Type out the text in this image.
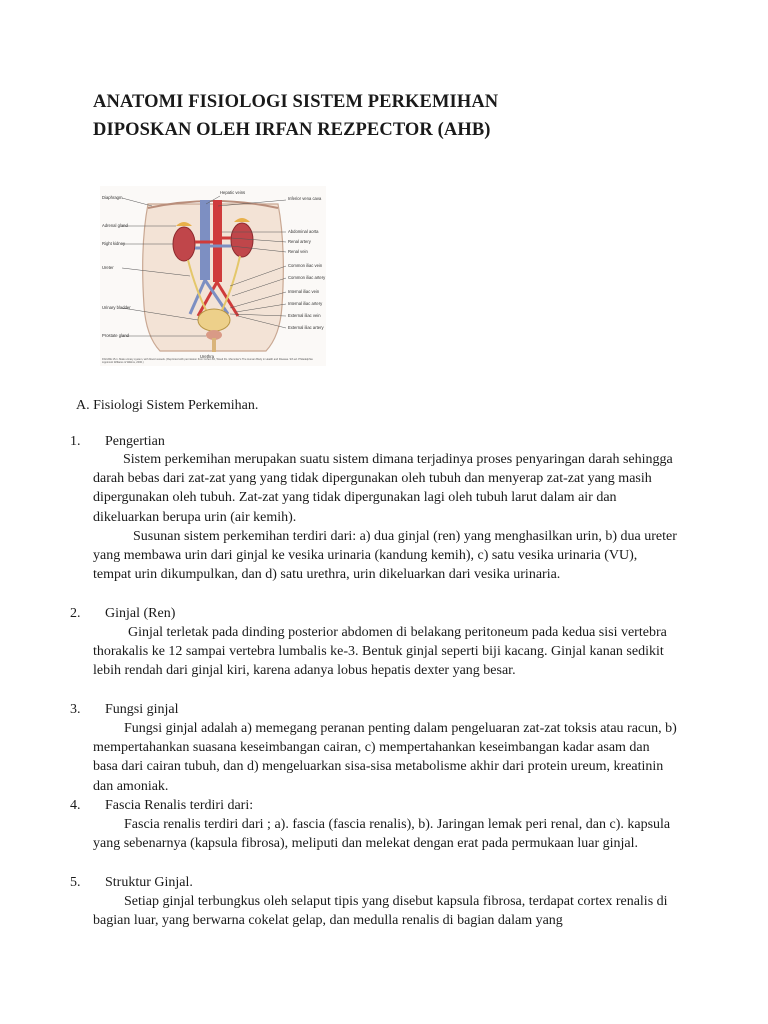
ANATOMI FISIOLOGI SISTEM PERKEMIHAN
DIPOSKAN OLEH IRFAN REZPECTOR (AHB)
Diaphragm
Adrenal gland
Right kidney
Ureter
Urinary bladder
Prostate gland
Hepatic veins
Inferior vena cava
Abdominal aorta
Renal artery
Renal vein
Common iliac vein
Common iliac artery
Internal iliac vein
Internal iliac artery
External iliac vein
External iliac artery
Urethra
FIGURE 15-1. Male urinary system, with blood vessels. (Reprinted with permission from Cohen BJ, Wood DL. Memmler's The Human Body in Health and Disease. 9th ed. Philadelphia: Lippincott Williams & Wilkins, 2000.)
A. Fisiologi Sistem Perkemihan.
1. Pengertian

Sistem perkemihan merupakan suatu sistem dimana terjadinya proses penyaringan darah sehingga darah bebas dari zat-zat yang yang tidak dipergunakan oleh tubuh dan menyerap zat-zat yang masih dipergunakan oleh tubuh. Zat-zat yang tidak dipergunakan lagi oleh tubuh larut dalam air dan dikeluarkan berupa urin (air kemih).

Susunan sistem perkemihan terdiri dari: a) dua ginjal (ren) yang menghasilkan urin, b) dua ureter yang membawa urin dari ginjal ke vesika urinaria (kandung kemih), c) satu vesika urinaria (VU), tempat urin dikumpulkan, dan d) satu urethra, urin dikeluarkan dari vesika urinaria.

2. Ginjal (Ren)

Ginjal terletak pada dinding posterior abdomen di belakang peritoneum pada kedua sisi vertebra thorakalis ke 12 sampai vertebra lumbalis ke-3. Bentuk ginjal seperti biji kacang. Ginjal kanan sedikit lebih rendah dari ginjal kiri, karena adanya lobus hepatis dexter yang besar.

3. Fungsi ginjal

Fungsi ginjal adalah a) memegang peranan penting dalam pengeluaran zat-zat toksis atau racun, b) mempertahankan suasana keseimbangan cairan, c) mempertahankan keseimbangan kadar asam dan basa dari cairan tubuh, dan d) mengeluarkan sisa-sisa metabolisme akhir dari protein ureum, kreatinin dan amoniak.

4. Fascia Renalis terdiri dari:

Fascia renalis terdiri dari ; a). fascia (fascia renalis), b). Jaringan lemak peri renal, dan c). kapsula yang sebenarnya (kapsula fibrosa), meliputi dan melekat dengan erat pada permukaan luar ginjal.

5. Struktur Ginjal.

Setiap ginjal terbungkus oleh selaput tipis yang disebut kapsula fibrosa, terdapat cortex renalis di bagian luar, yang berwarna cokelat gelap, dan medulla renalis di bagian dalam yang
